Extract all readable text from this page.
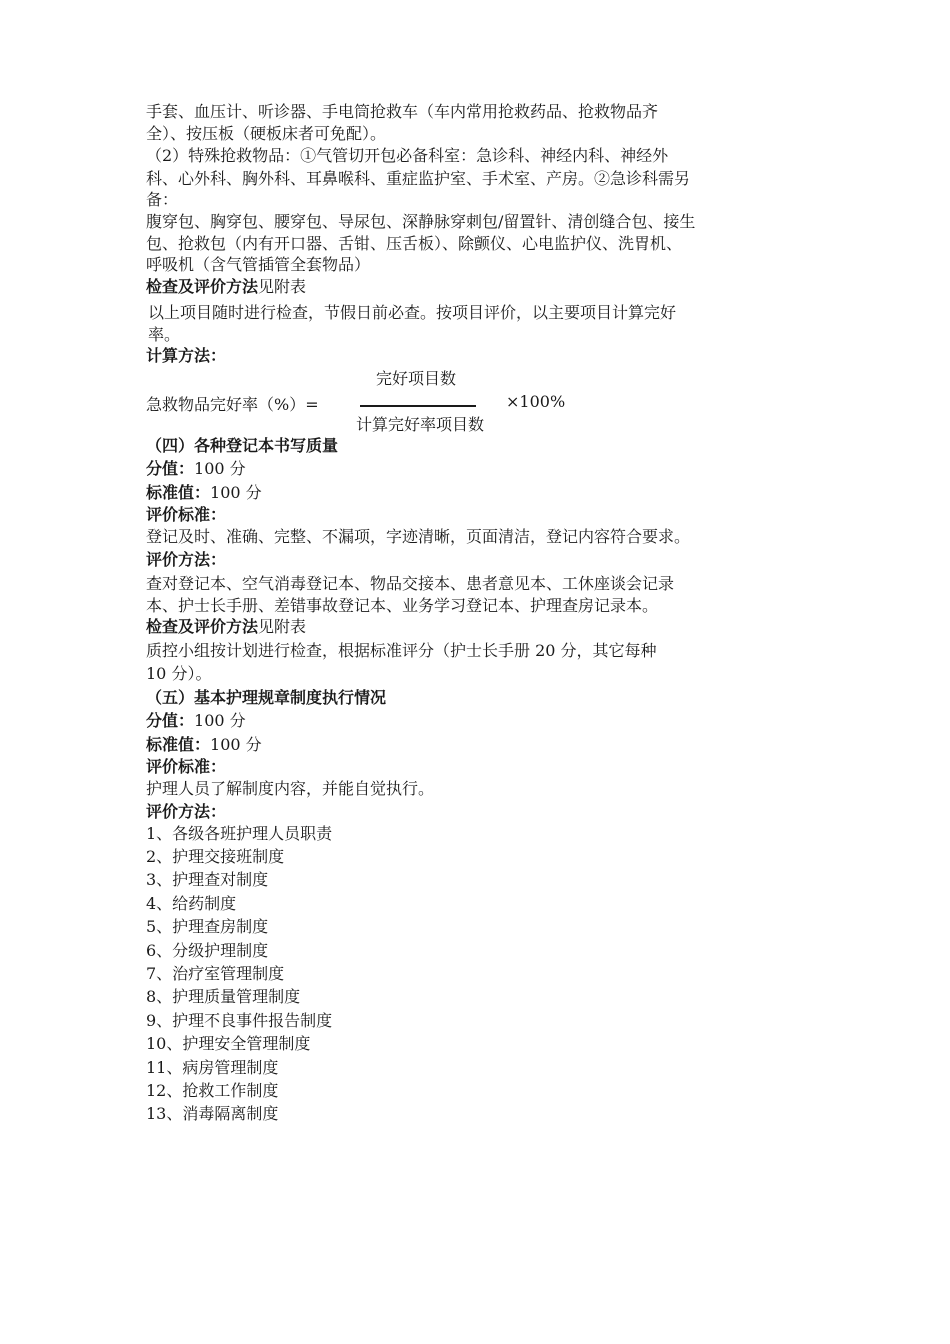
手套、血压计、听诊器、手电筒抢救车（车内常用抢救药品、抢救物品齐
全）、按压板（硬板床者可免配）。
（2）特殊抢救物品：①气管切开包必备科室：急诊科、神经内科、神经外
科、心外科、胸外科、耳鼻喉科、重症监护室、手术室、产房。②急诊科需另
备：
腹穿包、胸穿包、腰穿包、导尿包、深静脉穿刺包/留置针、清创缝合包、接生
包、抢救包（内有开口器、舌钳、压舌板）、除颤仪、心电监护仪、洗胃机、
呼吸机（含气管插管全套物品）
检查及评价方法见附表
以上项目随时进行检查，节假日前必查。按项目评价，以主要项目计算完好
率。
计算方法：
完好项目数
急救物品完好率（%）=	×100%
计算完好率项目数
（四）各种登记本书写质量
分值：100 分
标准值：100 分
评价标准：
登记及时、准确、完整、不漏项，字迹清晰，页面清洁，登记内容符合要求。
评价方法：
查对登记本、空气消毒登记本、物品交接本、患者意见本、工休座谈会记录
本、护士长手册、差错事故登记本、业务学习登记本、护理查房记录本。
检查及评价方法见附表
质控小组按计划进行检查，根据标准评分（护士长手册 20 分，其它每种
10 分）。
（五）基本护理规章制度执行情况
分值：100 分
标准值：100 分
评价标准：
护理人员了解制度内容，并能自觉执行。
评价方法：
1、各级各班护理人员职责
2、护理交接班制度
3、护理查对制度
4、给药制度
5、护理查房制度
6、分级护理制度
7、治疗室管理制度
8、护理质量管理制度
9、护理不良事件报告制度
10、护理安全管理制度
11、病房管理制度
12、抢救工作制度
13、消毒隔离制度
